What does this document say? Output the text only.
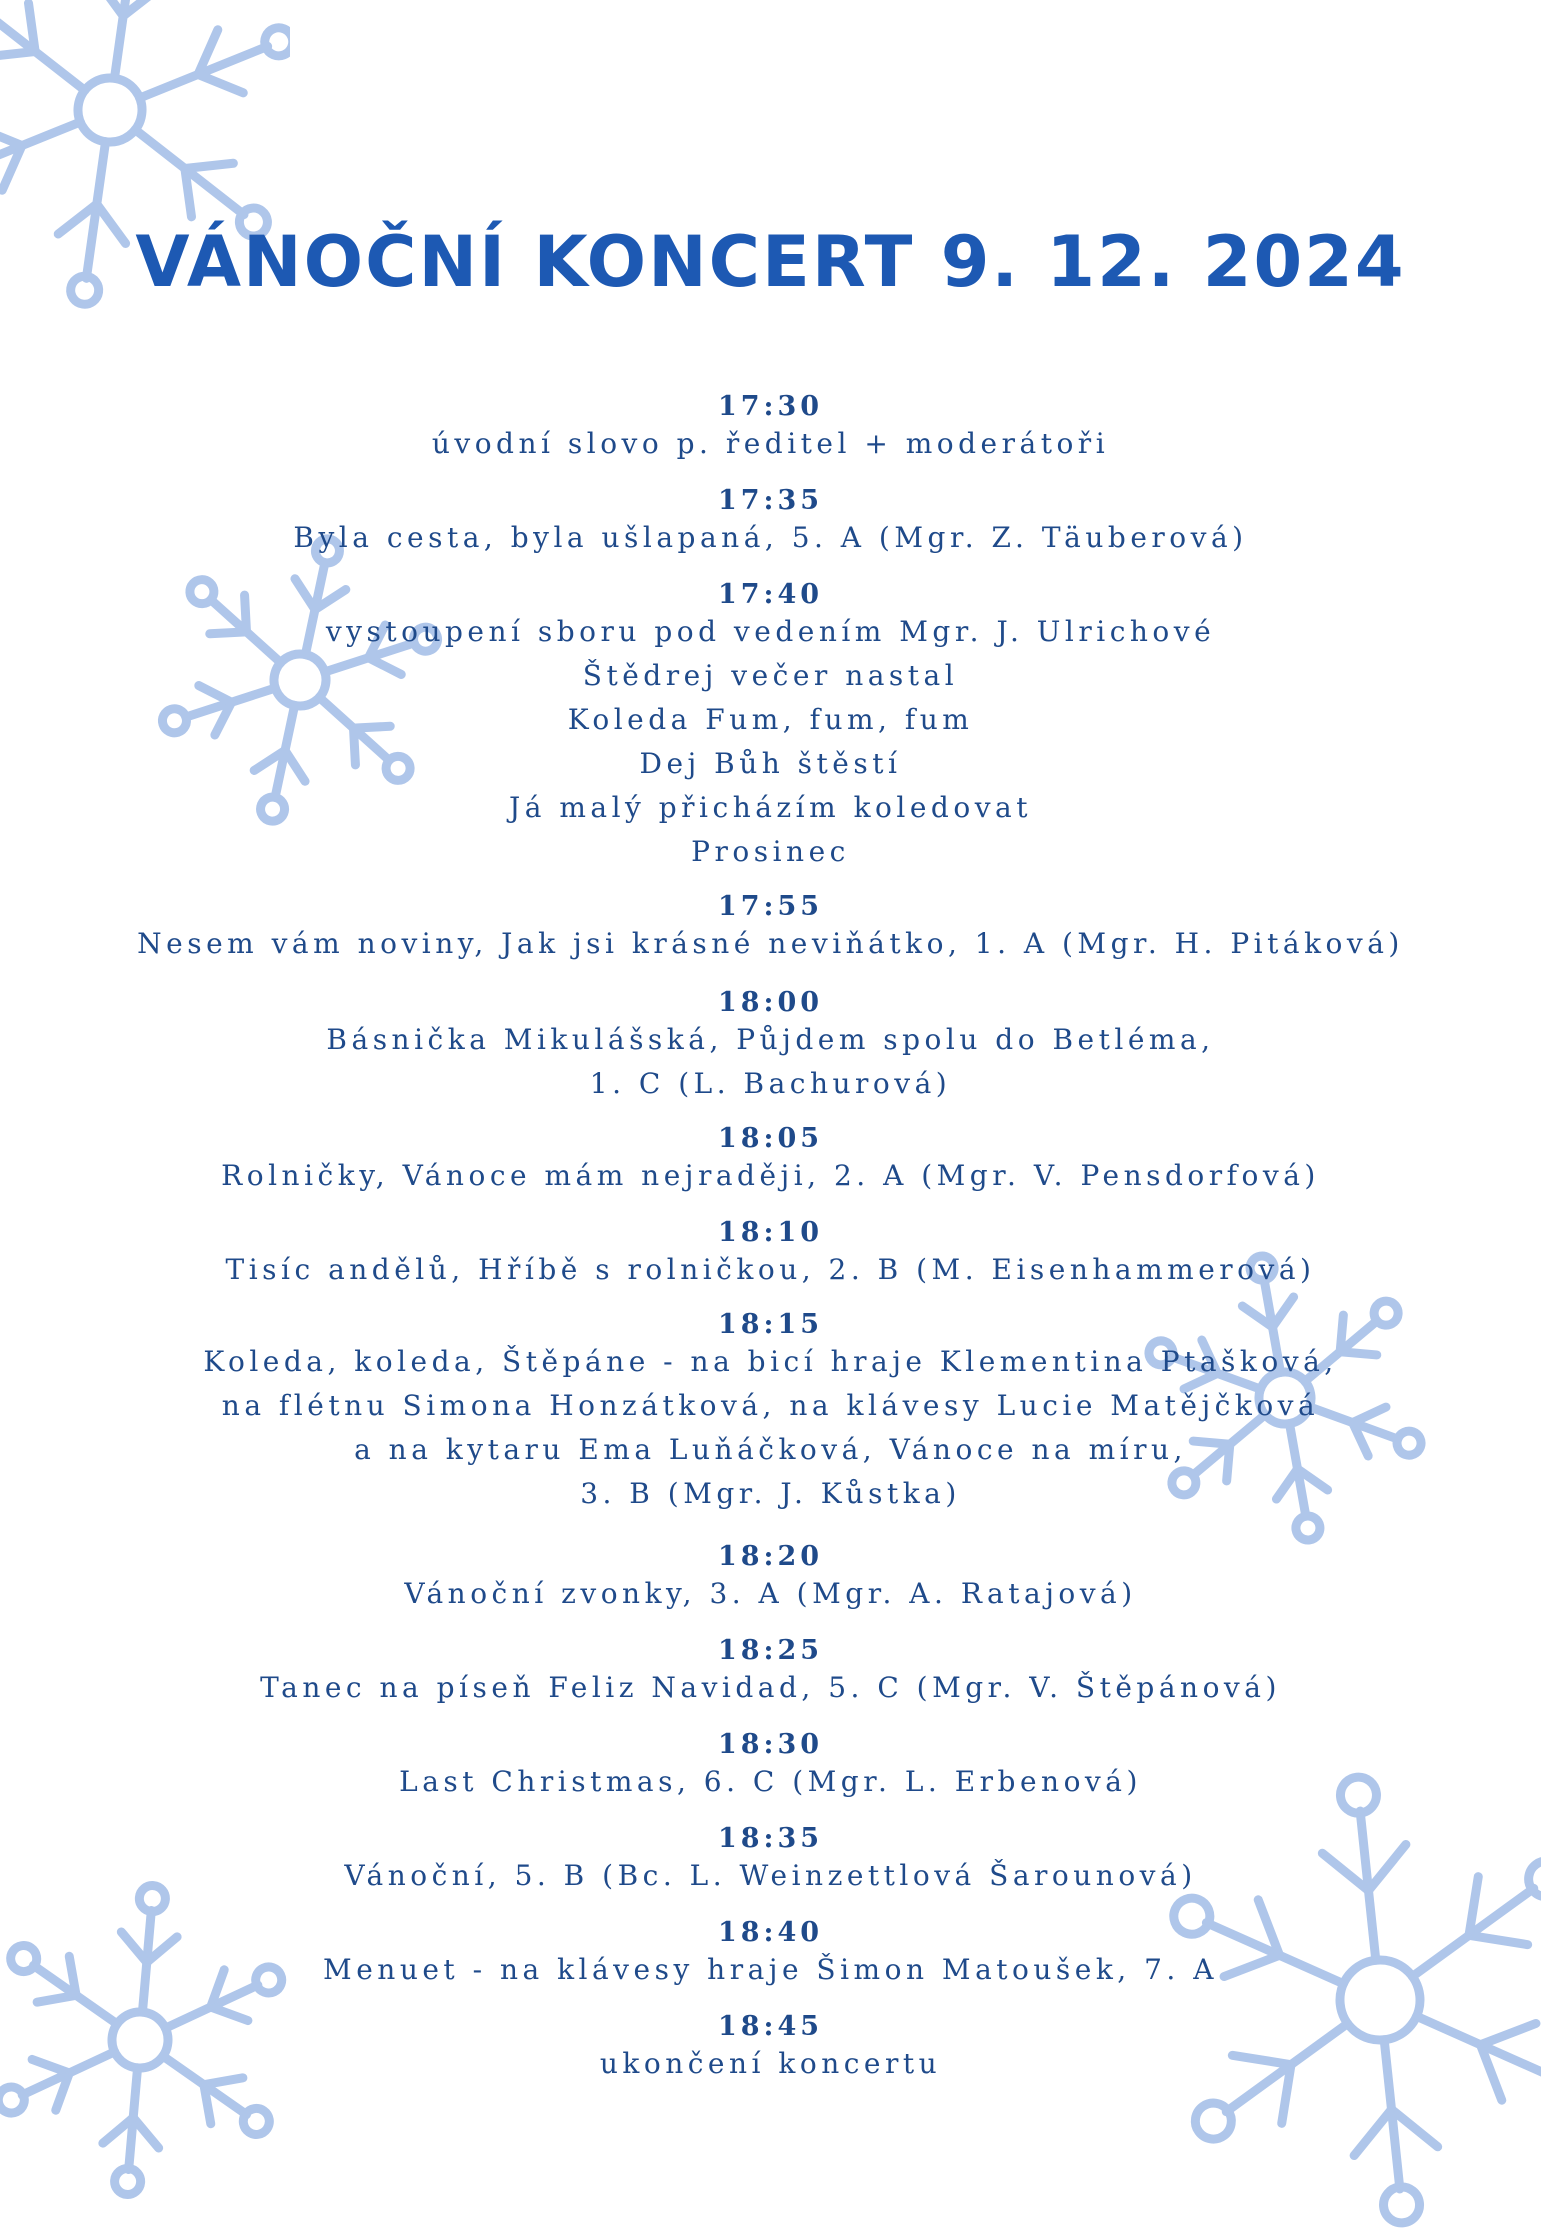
VÁNOČNÍ KONCERT 9. 12. 2024
17:30
úvodní slovo p. ředitel + moderátoři
17:35
Byla cesta, byla ušlapaná, 5. A (Mgr. Z. Täuberová)
17:40
vystoupení sboru pod vedením Mgr. J. Ulrichové
Štědrej večer nastal
Koleda Fum, fum, fum
Dej Bůh štěstí
Já malý přicházím koledovat
Prosinec
17:55
Nesem vám noviny, Jak jsi krásné neviňátko, 1. A (Mgr. H. Pitáková)
18:00
Básnička Mikulášská, Půjdem spolu do Betléma,
1. C (L. Bachurová)
18:05
Rolničky, Vánoce mám nejraději, 2. A (Mgr. V. Pensdorfová)
18:10
Tisíc andělů, Hříbě s rolničkou, 2. B (M. Eisenhammerová)
18:15
Koleda, koleda, Štěpáne - na bicí hraje Klementina Ptašková,
na flétnu Simona Honzátková, na klávesy Lucie Matějčková
a na kytaru Ema Luňáčková, Vánoce na míru,
3. B (Mgr. J. Kůstka)
18:20
Vánoční zvonky, 3. A (Mgr. A. Ratajová)
18:25
Tanec na píseň Feliz Navidad, 5. C (Mgr. V. Štěpánová)
18:30
Last Christmas, 6. C (Mgr. L. Erbenová)
18:35
Vánoční, 5. B (Bc. L. Weinzettlová Šarounová)
18:40
Menuet - na klávesy hraje Šimon Matoušek, 7. A
18:45
ukončení koncertu
